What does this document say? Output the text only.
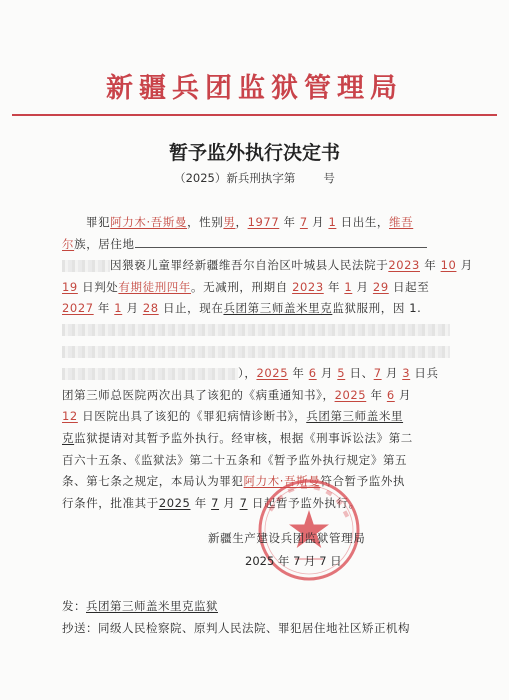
新疆兵团监狱管理局
暂予监外执行决定书
（2025）新兵刑执字第 号
罪犯阿力木·吾斯曼，性别男，1977 年 7 月 1 日出生，维吾
尔族，居住地
因猥亵儿童罪经新疆维吾尔自治区叶城县人民法院于2023 年 10 月
19 日判处有期徒刑四年。无减刑，刑期自 2023 年 1 月 29 日起至
2027 年 1 月 28 日止，现在兵团第三师盖米里克监狱服刑，因 1.
），2025 年 6 月 5 日、7 月 3 日兵
团第三师总医院两次出具了该犯的《病重通知书》，2025 年 6 月
12 日医院出具了该犯的《罪犯病情诊断书》，兵团第三师盖米里
克监狱提请对其暂予监外执行。经审核，根据《刑事诉讼法》第二
百六十五条、《监狱法》第二十五条和《暂予监外执行规定》第五
条、第七条之规定，本局认为罪犯阿力木·吾斯曼符合暂予监外执
行条件，批准其于2025 年 7 月 7 日起暂予监外执行。
新疆生产建设兵团监狱管理局
2025 年 7 月 7 日
发：兵团第三师盖米里克监狱
抄送：同级人民检察院、原判人民法院、罪犯居住地社区矫正机构
